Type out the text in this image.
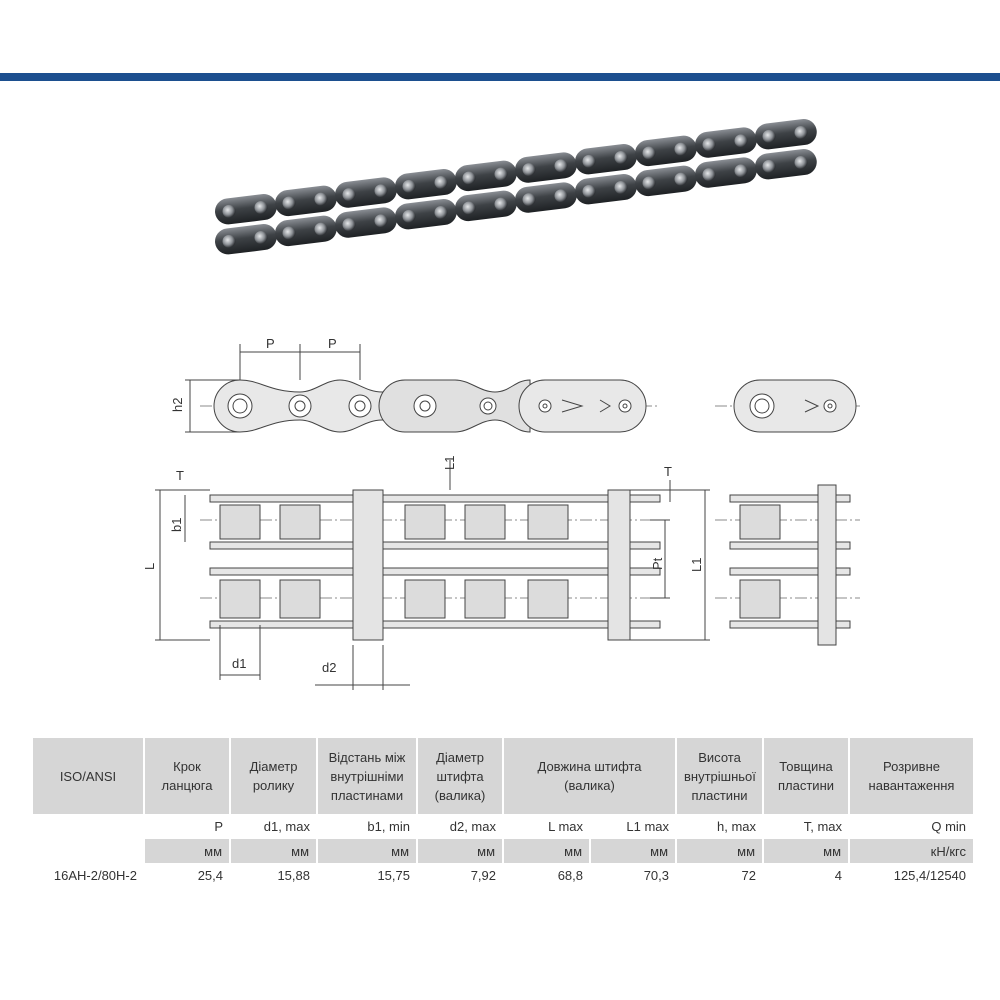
P	P
h2
T
L1
T
b1
L	Pt L1
d1	d2
ISO/ANSI	Крок ланцюга	Діаметр ролику	Відстань між внутрішніми пластинами	Діаметр штифта (валика)	Довжина штифта (валика)		Висота внутрішньої пластини	Товщина пластини	Розривне навантаження
	P	d1, max	b1, min	d2, max	L max	L1 max	h, max	T, max	Q min
	мм	мм	мм	мм	мм	мм	мм	мм	кН/кгс
16AH-2/80H-2	25,4	15,88	15,75	7,92	68,8	70,3	72	4	125,4/12540
